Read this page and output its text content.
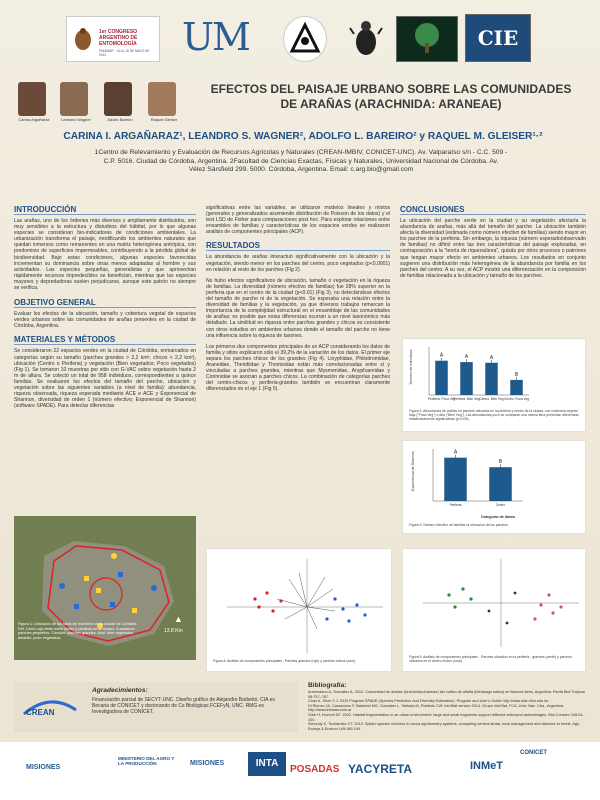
1er CONGRESO ARGENTINO DE ENTOMOLOGÍA
PINAMAR · 14 AL 16 DE MAYO DE 2014	UM	CIE
Carina Argañaraz	Leandro Wagner	Adolfo Bareiro	Raquel Gleiser
EFECTOS DEL PAISAJE URBANO SOBRE LAS COMUNIDADES
DE ARAÑAS (ARACHNIDA: ARANEAE)
CARINA I. ARGAÑARAZ¹, LEANDRO S. WAGNER², ADOLFO L. BAREIRO² y RAQUEL M. GLEISER¹·²
1Centro de Relevamiento y Evaluación de Recursos Agrícolas y Naturales (CREAN-IMBIV, CONICET-UNC). Av. Valparaíso s/n - C.C. 509 -
C.P. 5016. Ciudad de Córdoba, Argentina. 2Facultad de Ciencias Exactas, Físicas y Naturales, Universidad Nacional de Córdoba. Av.
Vélez Sársfield 299. 5000. Córdoba, Argentina. Email: c.arg.bio@gmail.com
INTRODUCCIÓN
Las arañas, uno de los órdenes más diversos y ampliamente distribuidos, son muy sensibles a la estructura y disturbios del hábitat, por lo que algunas especies se consideran bio-indicadoras de condiciones ambientales. La urbanización transforma el paisaje, modificando los ambientes naturales que quedan inmersos como remanentes en una matriz heterogénea antrópica, con predominio de superficies impermeables, contribuyendo a la pérdida global de biodiversidad. Bajo estas condiciones, algunas especies favorecidas incrementan su dominancia sobre otras menos adaptadas al hombre y sus actividades. Las especies pequeñas, generalistas y que aprovechan rápidamente recursos impredecibles se benefician, mientras que las especies mayores y depredadoras suelen perjudicarse, aunque este patrón no siempre se verifica.
OBJETIVO GENERAL
Evaluar los efectos de la ubicación, tamaño y cobertura vegetal de espacios verdes urbanos sobre las comunidades de arañas presentes en la ciudad de Córdoba, Argentina.
MATERIALES Y MÉTODOS
Se consideraron 22 espacios verdes en la ciudad de Córdoba, enmarcados en categorías según su tamaño (parches grandes > 2,2 km²; chicos < 2,2 km²), ubicación (Centro o Periferia) y vegetación (Bien vegetados; Poco vegetados) (Fig 1). Se tomaron 10 muestras por sitio con G-VAC sobre vegetación hasta 2 m de altura. Se colectó un total de 958 individuos, correspondientes a quince familias. Se evaluaron los efectos del tamaño del parche, ubicación y vegetación sobre las siguientes variables (a nivel de familia): abundancia, riqueza observada, riqueza esperada mediante ACE e ACE y Exponencial de Shannon, diversidad de orden 1 (número efectivo; Exponencial de Shannon) (software SPADE). Para detectar diferencias
Figura 1: Ubicación de los sitios de muestreo en la ciudad de Córdoba. Ref. Línea roja límite entre centro y periferia de la ciudad. Cuadrados: parches pequeños. Círculos: parches grandes. Azul: bien vegetados, amarillo: poco vegetados.
▲
13,8 Km
significativas entre las variables, se utilizaron modelos lineales y mixtos (generales y generalizados asumiendo distribución de Poisson de los datos) y el test LSD de Fisher para comparaciones post hoc. Para explorar relaciones entre ensambles de familias y características de los espacios verdes se realizaron análisis de componentes principales (ACP).
RESULTADOS
La abundancia de arañas interactuó significativamente con la ubicación y la vegetación, siendo menor en los parches del centro, poco vegetados (p<0.0001) en relación al resto de los parches (Fig 2).
No hubo efectos significativos de ubicación, tamaño o vegetación en la riqueza de familias. La diversidad (número efectivo de familias) fue 28% superior en la periferia que en el centro de la ciudad (p<0.01) (Fig 3), no detectándose efectos del tamaño de parche ni de la vegetación. Se esperaba una relación entre la diversidad de familias y la vegetación, ya que diversos trabajos remarcan la importancia de la complejidad estructural en el ensamblaje de las comunidades de arañas; es posible que estas diferencias ocurran a un nivel taxonómico más detallado. La similitud en riqueza entre parches grandes y chicos es consistente con otros estudios en ambientes urbanos donde el tamaño del parche no tiene una influencia sobre la riqueza de taxones.
Los primeros dos componentes principales de un ACP considerando los datos de familia y sitios explicaron sólo el 39,2% de la variación de los datos. El primer eje separa los parches chicos de los grandes (Fig 4). Linyphidae, Philodromidae, Araneidae, Theridiidae y Thomisidae están más correlacionadas entre sí y vinculadas a parches grandes, mientras que Mysmenidae, Anyphaenidae y Corinnidae se asocian a parches chicos. La combinación de categorías parches del centro-chicos y periferia-grandes también se encuentran claramente diferenciados en el eje 1 (Fig 5).
CONCLUSIONES
La ubicación del parche verde en la ciudad y su vegetación afectaría la abundancia de arañas, más allá del tamaño del parche. La ubicación también afecta la diversidad (estimada como número efectivo de familias) siendo mayor en los parches de la periferia. Sin embargo, la riqueza (número esperado/observado de familias) no difirió entre las tres características del paisaje exploradas, en contraposición a la "teoría de riqueza/área", quizás por otros procesos o patrones que tengan mayor efecto en ambientes urbanos. Los resultados en conjunto sugieren una distribución más heterogénea de la abundancia por familia en los parches del centro. A su vez, el ACP mostró una diferenciación en la composición de familias relacionada a la ubicación y tamaño de los parches.
A
Periferia, Poca Veg
A
Periferia, Bien Veg
A
Centro, Bien Veg
B
Centro, Poca Veg
Número de individuos
Figura 2: Abundancia de arañas en parches ubicados en la periferia y centro de la ciudad, con cobertura vegetal baja ("Poca Veg") o alta ("Bien Veg"). Las abundancias poco se comparan una misma letra presentan diferencias estadísticamente significativas (p<0,05).
A
Periferia
B
Centro
Exponencial de Shannon
Categoría de datos
Figura 3: Número efectivo de familias vs ubicación de los parches.
Figura 4: Análisis de componentes principales . Parches grandes (rojo) y parches chicos (azul).
Figura 5: Análisis de componentes principales . Parches ubicados en la periferia - grandes (verde) y parches ubicados en el centro-chicos (rosa).
CREAN
Agradecimientos:
Financiación parcial de SECYT-UNC. Diseño gráfico de Alejandro Barbeito. CIA es Becaria de CONICET y doctorando de Cs Biológicas FCEFyN, UNC. RMG es Investigadora de CONICET.
Bibliografía:
Armendano A, González A. 2010. Comunidad de arañas (Arachnida,Araneae) del cultivo de alfalfa (Medicago sativa) en Buenos Aires, Argentina. Revta Biol Tropical 58:757–767.
Chao A, Shen T-J. 2010 Program SPADE (Species Prediction And Diversity Estimation). Program and User's Guide http://chao.stat.nthu.edu.tw
Di Rienzo JA, Casanoves F, Balzarini MG, Gonzalez L, Tablada M, Robledo CW. InfoStat versión 2014. Grupo InfoStat, FCA, Univ. Nac. Cba., Argentina. http://www.infostat.com.ar
Gibb H, Hochuli DF. 2002. Habitat fragmentation in an urban environment: large and small fragments support different arthropod assemblages. Biol Conserv 106:91–100.
Stenchly K, Tscharntke CT. 2012. Spider species richness in cocoa agroforestry systems, comparing vertical strata, local management and distance to forest. Agri, Ecosys & Environ 149:189-194.
MISIONES
MINISTERIO DEL AGRO Y LA PRODUCCIÓN	MISIONES	INTA
POSADAS YACYRETA	INMeT
CONICET
